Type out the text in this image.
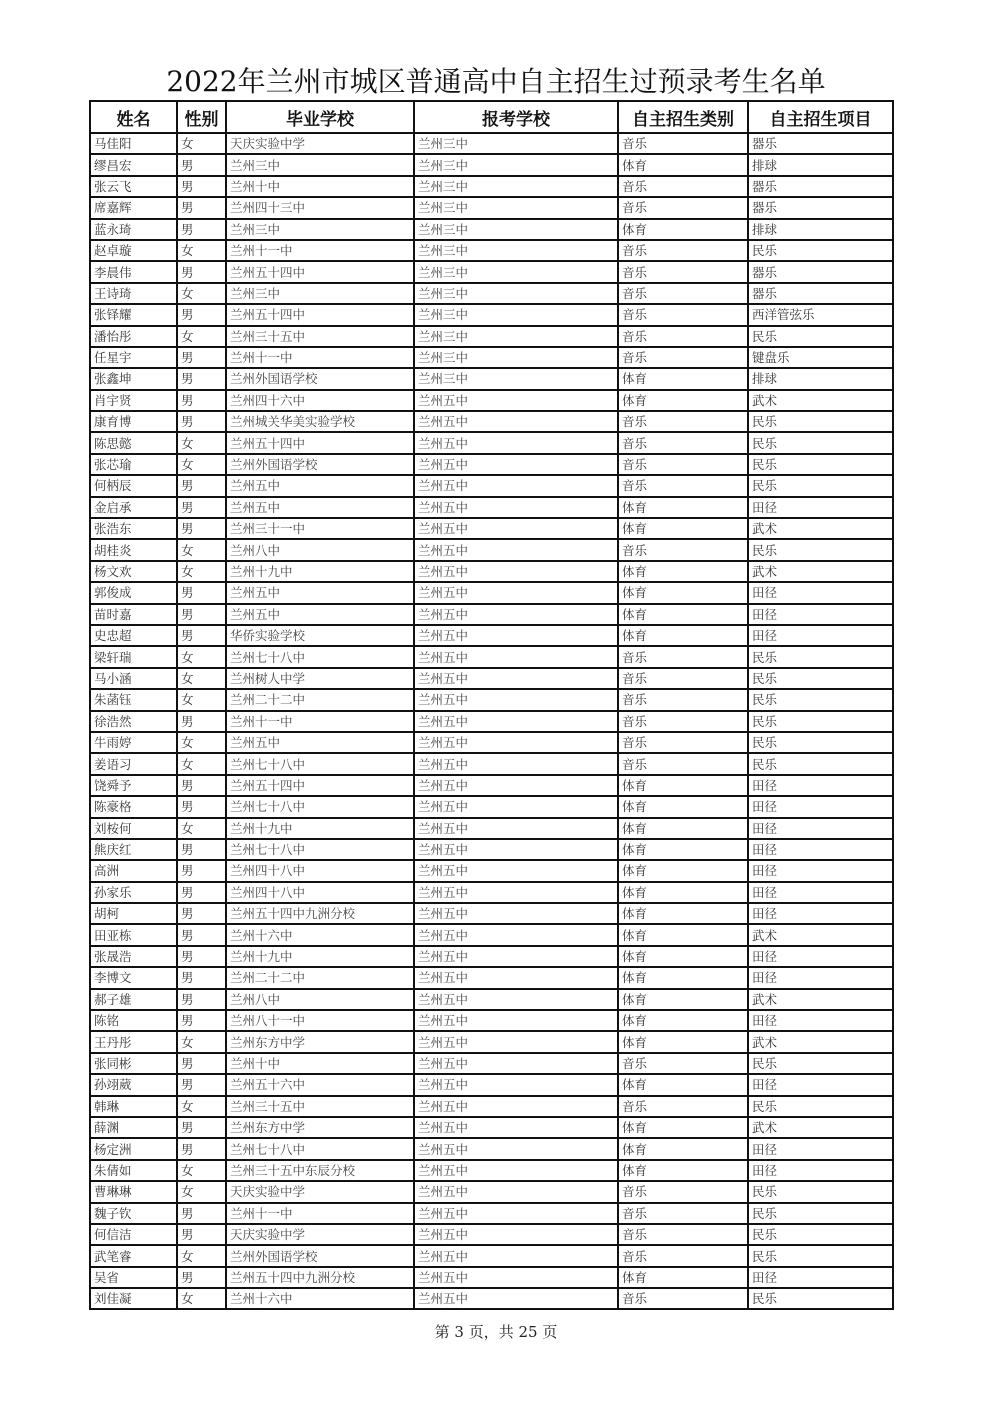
2022年兰州市城区普通高中自主招生过预录考生名单
姓名	性别	毕业学校	报考学校	自主招生类别	自主招生项目
马佳阳	女	天庆实验中学	兰州三中	音乐	器乐
缪昌宏	男	兰州三中	兰州三中	体育	排球
张云飞	男	兰州十中	兰州三中	音乐	器乐
席嘉辉	男	兰州四十三中	兰州三中	音乐	器乐
蓝永琦	男	兰州三中	兰州三中	体育	排球
赵卓璇	女	兰州十一中	兰州三中	音乐	民乐
李晨伟	男	兰州五十四中	兰州三中	音乐	器乐
王诗琦	女	兰州三中	兰州三中	音乐	器乐
张铎耀	男	兰州五十四中	兰州三中	音乐	西洋管弦乐
潘怡彤	女	兰州三十五中	兰州三中	音乐	民乐
任星宇	男	兰州十一中	兰州三中	音乐	键盘乐
张鑫坤	男	兰州外国语学校	兰州三中	体育	排球
肖宇贤	男	兰州四十六中	兰州五中	体育	武术
康育博	男	兰州城关华美实验学校	兰州五中	音乐	民乐
陈思懿	女	兰州五十四中	兰州五中	音乐	民乐
张芯瑜	女	兰州外国语学校	兰州五中	音乐	民乐
何柄辰	男	兰州五中	兰州五中	音乐	民乐
金启承	男	兰州五中	兰州五中	体育	田径
张浩东	男	兰州三十一中	兰州五中	体育	武术
胡桂炎	女	兰州八中	兰州五中	音乐	民乐
杨文欢	女	兰州十九中	兰州五中	体育	武术
郭俊成	男	兰州五中	兰州五中	体育	田径
苗时嘉	男	兰州五中	兰州五中	体育	田径
史忠超	男	华侨实验学校	兰州五中	体育	田径
梁轩瑞	女	兰州七十八中	兰州五中	音乐	民乐
马小涵	女	兰州树人中学	兰州五中	音乐	民乐
朱菡钰	女	兰州二十二中	兰州五中	音乐	民乐
徐浩然	男	兰州十一中	兰州五中	音乐	民乐
牛雨婷	女	兰州五中	兰州五中	音乐	民乐
姜语习	女	兰州七十八中	兰州五中	音乐	民乐
饶舜予	男	兰州五十四中	兰州五中	体育	田径
陈豪格	男	兰州七十八中	兰州五中	体育	田径
刘桉何	女	兰州十九中	兰州五中	体育	田径
熊庆红	男	兰州七十八中	兰州五中	体育	田径
高洲	男	兰州四十八中	兰州五中	体育	田径
孙家乐	男	兰州四十八中	兰州五中	体育	田径
胡柯	男	兰州五十四中九洲分校	兰州五中	体育	田径
田亚栋	男	兰州十六中	兰州五中	体育	武术
张晟浩	男	兰州十九中	兰州五中	体育	田径
李博文	男	兰州二十二中	兰州五中	体育	田径
郝子雄	男	兰州八中	兰州五中	体育	武术
陈铭	男	兰州八十一中	兰州五中	体育	田径
王丹彤	女	兰州东方中学	兰州五中	体育	武术
张同彬	男	兰州十中	兰州五中	音乐	民乐
孙翊葳	男	兰州五十六中	兰州五中	体育	田径
韩琳	女	兰州三十五中	兰州五中	音乐	民乐
薛渊	男	兰州东方中学	兰州五中	体育	武术
杨定洲	男	兰州七十八中	兰州五中	体育	田径
朱倩如	女	兰州三十五中东辰分校	兰州五中	体育	田径
曹琳琳	女	天庆实验中学	兰州五中	音乐	民乐
魏子钦	男	兰州十一中	兰州五中	音乐	民乐
何信洁	男	天庆实验中学	兰州五中	音乐	民乐
武笔睿	女	兰州外国语学校	兰州五中	音乐	民乐
吴省	男	兰州五十四中九洲分校	兰州五中	体育	田径
刘佳凝	女	兰州十六中	兰州五中	音乐	民乐
第 3 页，共 25 页
